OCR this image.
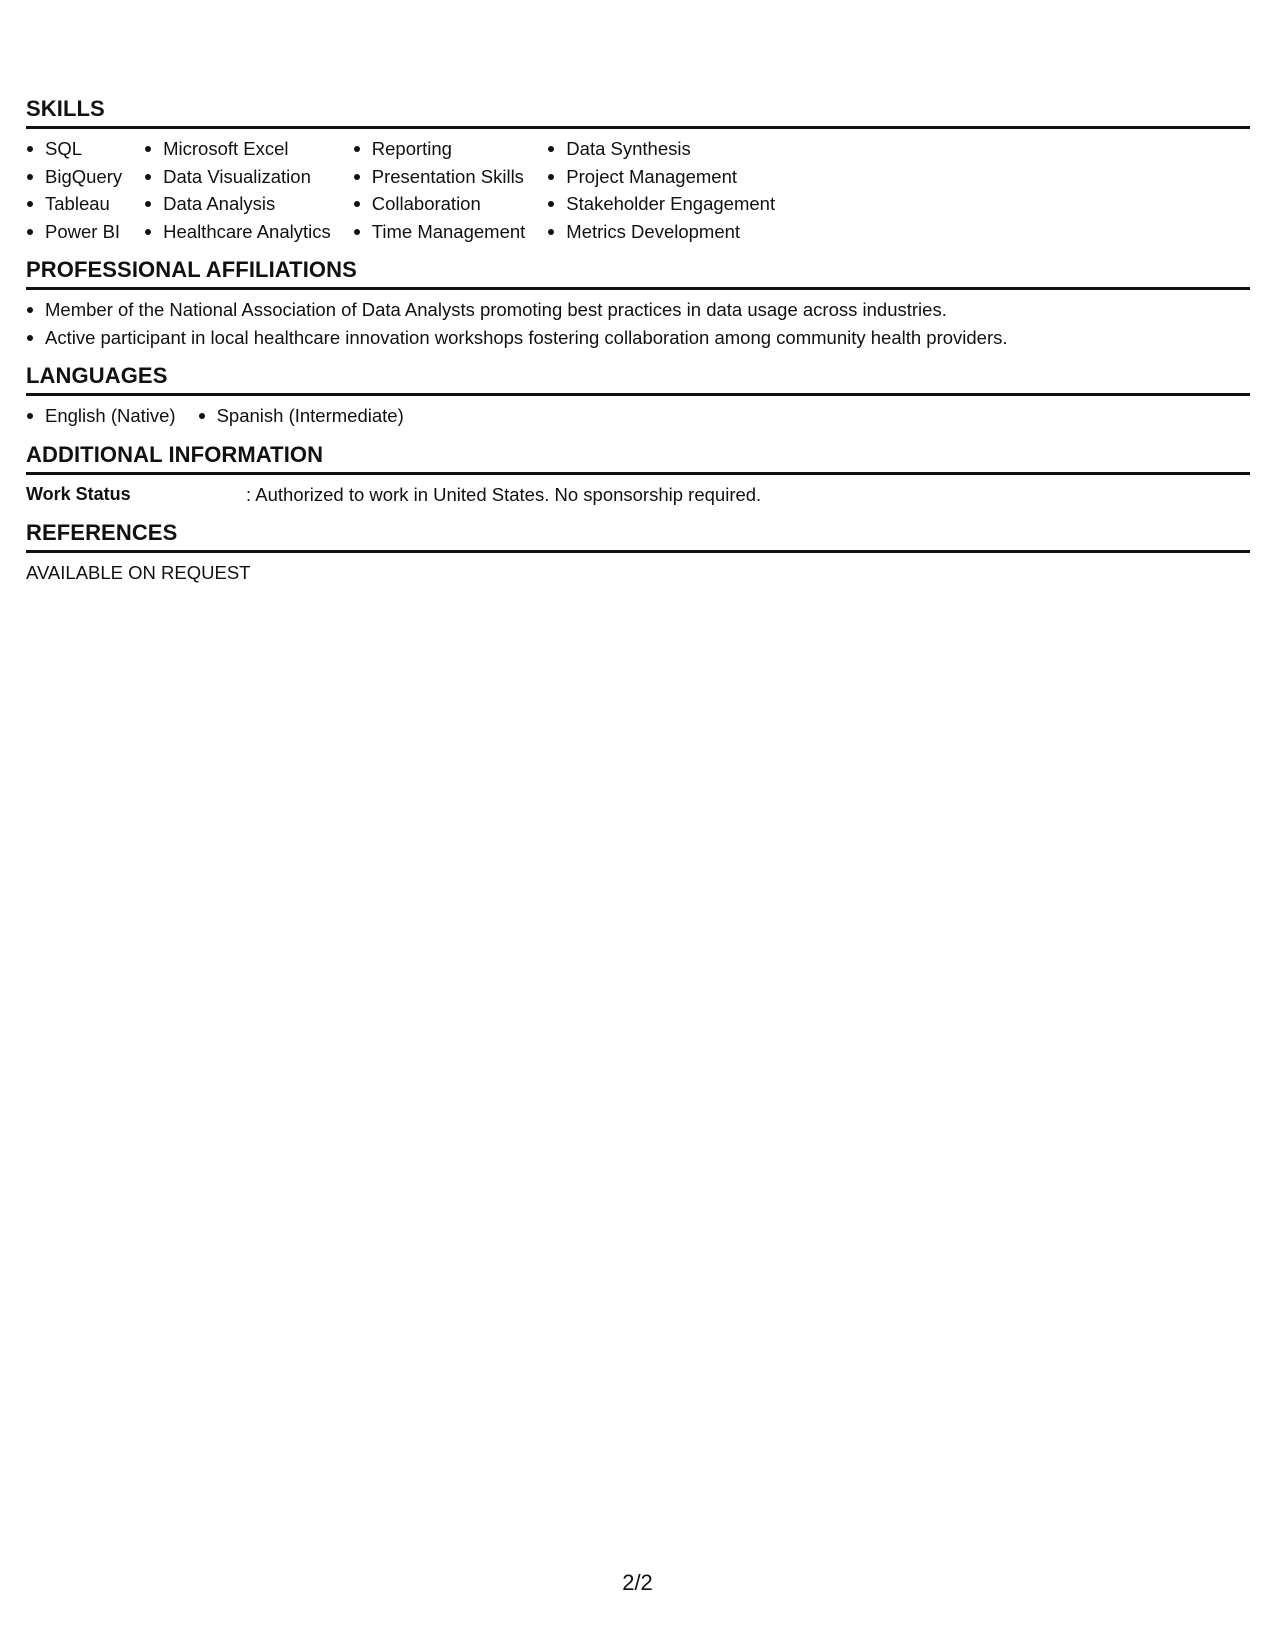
SKILLS
SQL
BigQuery
Tableau
Power BI
Microsoft Excel
Data Visualization
Data Analysis
Healthcare Analytics
Reporting
Presentation Skills
Collaboration
Time Management
Data Synthesis
Project Management
Stakeholder Engagement
Metrics Development
PROFESSIONAL AFFILIATIONS
Member of the National Association of Data Analysts promoting best practices in data usage across industries.
Active participant in local healthcare innovation workshops fostering collaboration among community health providers.
LANGUAGES
English (Native)	Spanish (Intermediate)
ADDITIONAL INFORMATION
Work Status	: Authorized to work in United States. No sponsorship required.
REFERENCES
AVAILABLE ON REQUEST
2/2
